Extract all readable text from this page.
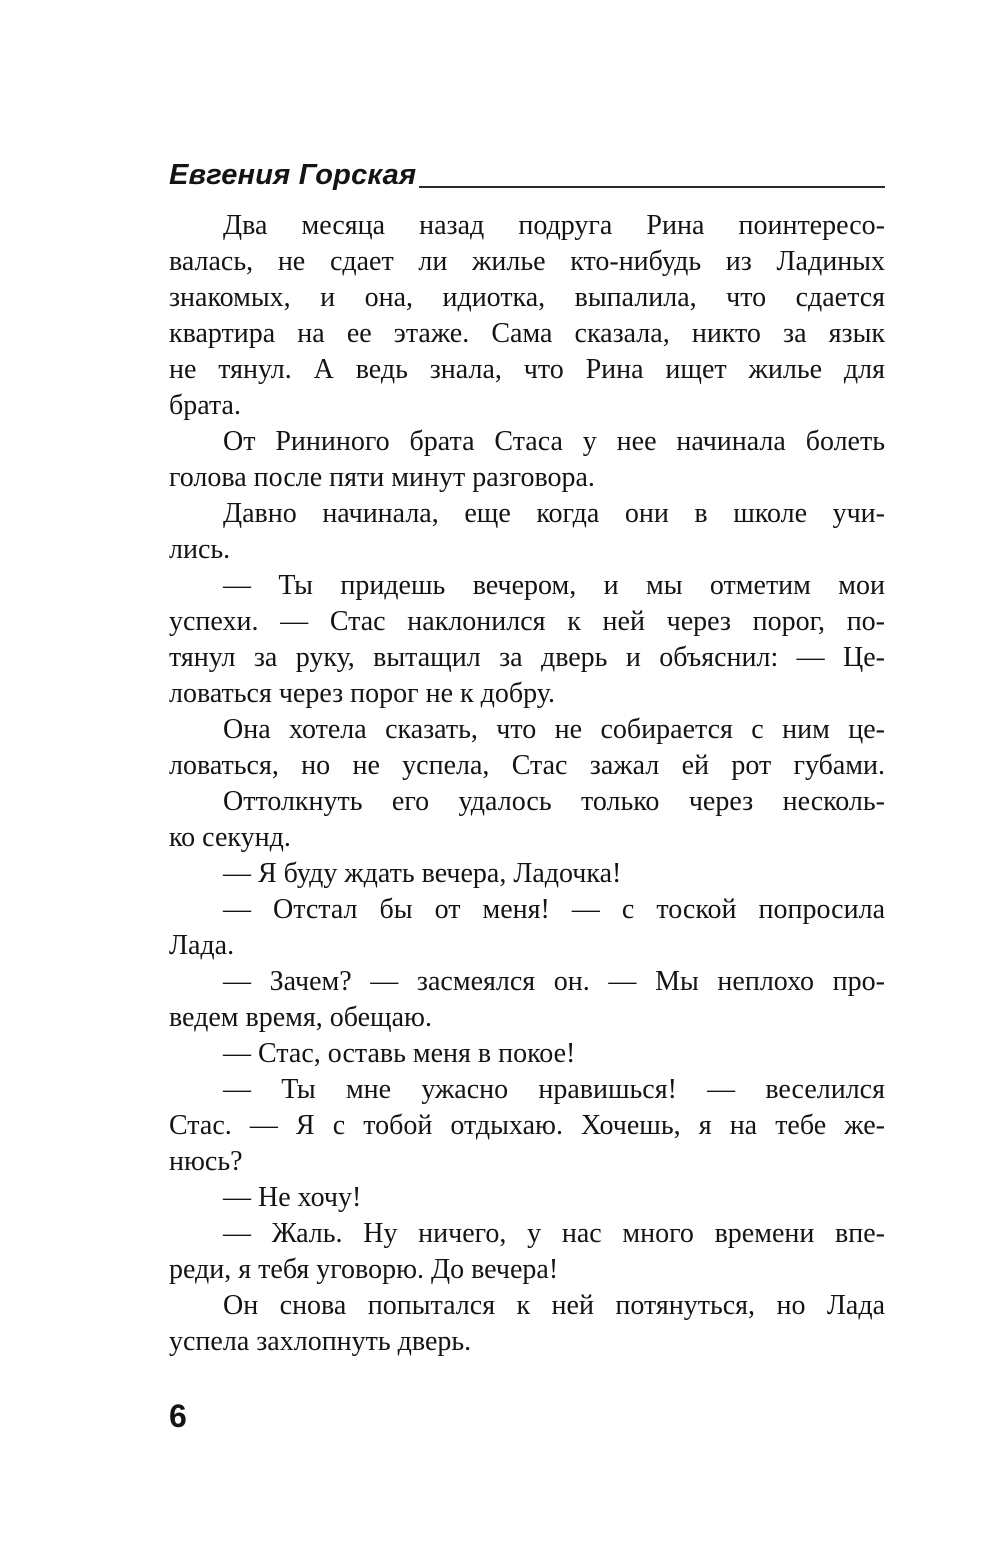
Евгения Горская
Два месяца назад подруга Рина поинтересо-
валась, не сдает ли жилье кто-нибудь из Ладиных
знакомых, и она, идиотка, выпалила, что сдается
квартира на ее этаже. Сама сказала, никто за язык
не тянул. А ведь знала, что Рина ищет жилье для
брата.
От Рининого брата Стаса у нее начинала болеть
голова после пяти минут разговора.
Давно начинала, еще когда они в школе учи-
лись.
— Ты придешь вечером, и мы отметим мои
успехи. — Стас наклонился к ней через порог, по-
тянул за руку, вытащил за дверь и объяснил: — Це-
ловаться через порог не к добру.
Она хотела сказать, что не собирается с ним це-
ловаться, но не успела, Стас зажал ей рот губами.
Оттолкнуть его удалось только через несколь-
ко секунд.
— Я буду ждать вечера, Ладочка!
— Отстал бы от меня! — с тоской попросила
Лада.
— Зачем? — засмеялся он. — Мы неплохо про-
ведем время, обещаю.
— Стас, оставь меня в покое!
— Ты мне ужасно нравишься! — веселился
Стас. — Я с тобой отдыхаю. Хочешь, я на тебе же-
нюсь?
— Не хочу!
— Жаль. Ну ничего, у нас много времени впе-
реди, я тебя уговорю. До вечера!
Он снова попытался к ней потянуться, но Лада
успела захлопнуть дверь.
6
